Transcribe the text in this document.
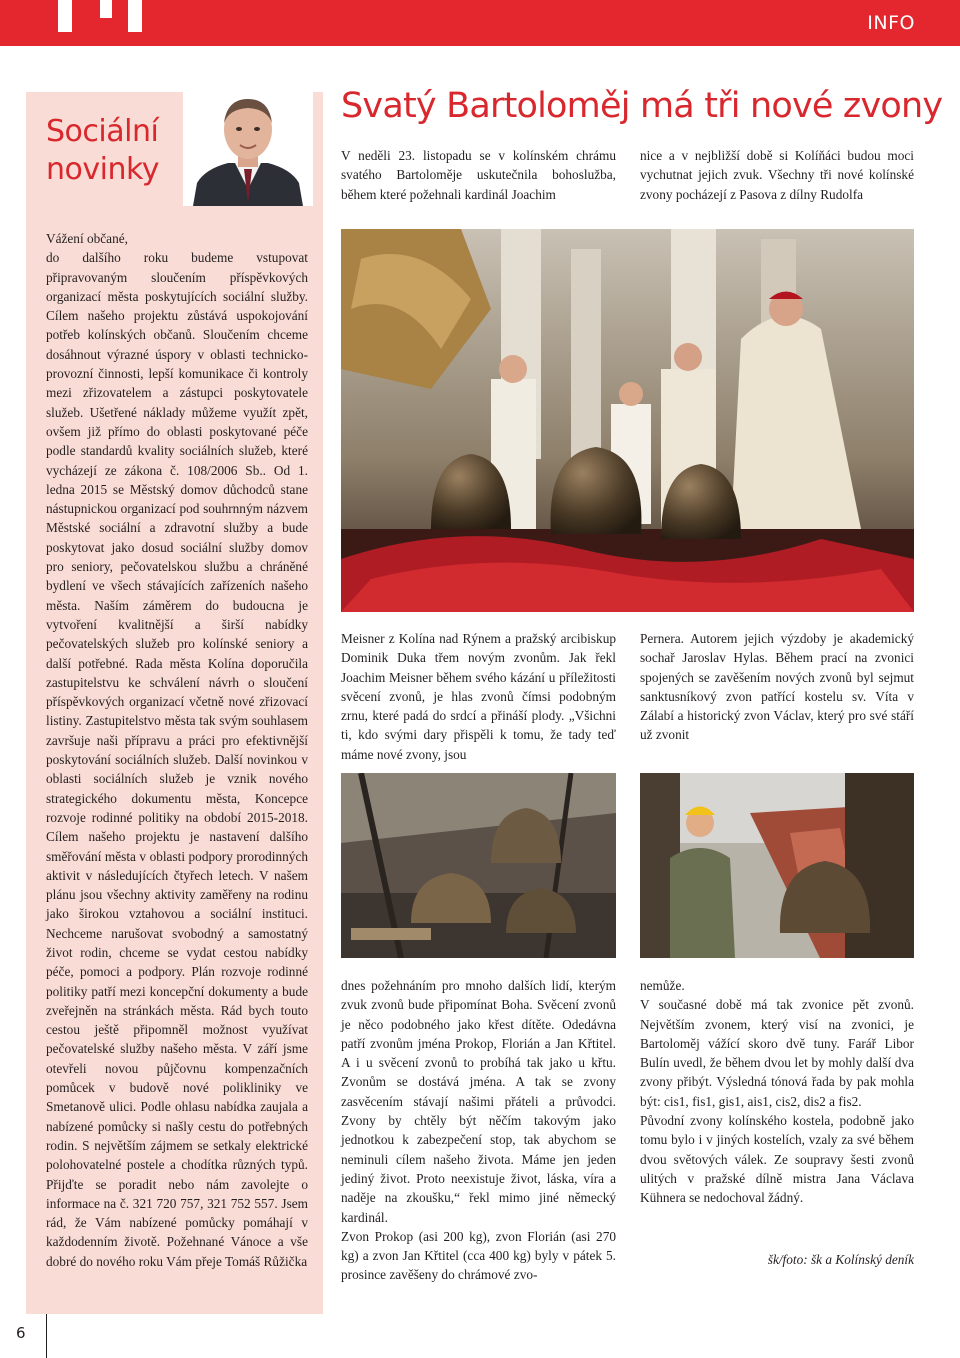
INFO
Sociální
novinky

Vážení občané,

do dalšího roku budeme vstupovat připravovaným sloučením příspěvkových organizací města poskytujících sociální služby. Cílem našeho projektu zůstává uspokojování potřeb kolínských občanů. Sloučením chceme dosáhnout výrazné úspory v oblasti technicko-provozní činnosti, lepší komunikace či kontroly mezi zřizovatelem a zástupci poskytovatele služeb. Ušetřené náklady můžeme využít zpět, ovšem již přímo do oblasti poskytované péče podle standardů kvality sociálních služeb, které vycházejí ze zákona č. 108/2006 Sb.. Od 1. ledna 2015 se Městský domov důchodců stane nástupnickou organizací pod souhrnným názvem Městské sociální a zdravotní služby a bude poskytovat jako dosud sociální služby domov pro seniory, pečovatelskou službu a chráněné bydlení ve všech stávajících zařízeních našeho města. Naším záměrem do budoucna je vytvoření kvalitnější a širší nabídky pečovatelských služeb pro kolínské seniory a další potřebné. Rada města Kolína doporučila zastupitelstvu ke schválení návrh o sloučení příspěvkových organizací včetně nové zřizovací listiny. Zastupitelstvo města tak svým souhlasem završuje naši přípravu a práci pro efektivnější poskytování sociálních služeb. Další novinkou v oblasti sociálních služeb je vznik nového strategického dokumentu města, Koncepce rozvoje rodinné politiky na období 2015-2018. Cílem našeho projektu je nastavení dalšího směřování města v oblasti podpory prorodinných aktivit v následujících čtyřech letech. V našem plánu jsou všechny aktivity zaměřeny na rodinu jako širokou vztahovou a sociální instituci. Nechceme narušovat svobodný a samostatný život rodin, chceme se vydat cestou nabídky péče, pomoci a podpory. Plán rozvoje rodinné politiky patří mezi koncepční dokumenty a bude zveřejněn na stránkách města. Rád bych touto cestou ještě připomněl možnost využívat pečovatelské služby našeho města. V září jsme otevřeli novou půjčovnu kompenzačních pomůcek v budově nové polikliniky ve Smetanově ulici. Podle ohlasu nabídka zaujala a nabízené pomůcky si našly cestu do potřebných rodin. S největším zájmem se setkaly elektrické polohovatelné postele a chodítka různých typů. Přijďte se poradit nebo nám zavolejte o informace na č. 321 720 757, 321 752 557. Jsem rád, že Vám nabízené pomůcky pomáhají v každodenním životě. Požehnané Vánoce a vše dobré do nového roku Vám přeje Tomáš Růžička

Svatý Bartoloměj má tři nové zvony

V neděli 23. listopadu se v kolínském chrámu svatého Bartoloměje uskutečnila bohoslužba, během které požehnali kardinál Joachim

nice a v nejbližší době si Kolíňáci budou moci vychutnat jejich zvuk. Všechny tři nové kolínské zvony pocházejí z Pasova z dílny Rudolfa

Meisner z Kolína nad Rýnem a pražský arcibiskup Dominik Duka třem novým zvonům. Jak řekl Joachim Meisner během svého kázání u příležitosti svěcení zvonů, je hlas zvonů čímsi podobným zrnu, které padá do srdcí a přináší plody. „Všichni ti, kdo svými dary přispěli k tomu, že tady teď máme nové zvony, jsou

Pernera. Autorem jejich výzdoby je akademický sochař Jaroslav Hylas. Během prací na zvonici spojených se zavěšením nových zvonů byl sejmut sanktusníkový zvon patřící kostelu sv. Víta v Zálabí a historický zvon Václav, který pro své stáří už zvonit

dnes požehnáním pro mnoho dalších lidí, kterým zvuk zvonů bude připomínat Boha. Svěcení zvonů je něco podobného jako křest dítěte. Odedávna patří zvonům jména Prokop, Florián a Jan Křtitel. A i u svěcení zvonů to probíhá tak jako u křtu. Zvonům se dostává jména. A tak se zvony zasvěcením stávají našimi přáteli a průvodci. Zvony by chtěly být něčím takovým jako jednotkou k zabezpečení stop, tak abychom se neminuli cílem našeho života. Máme jen jeden jediný život. Proto neexistuje život, láska, víra a naděje na zkoušku,“ řekl mimo jiné německý kardinál.

Zvon Prokop (asi 200 kg), zvon Florián (asi 270 kg) a zvon Jan Křtitel (cca 400 kg) byly v pátek 5. prosince zavěšeny do chrámové zvo-

nemůže.

V současné době má tak zvonice pět zvonů. Největším zvonem, který visí na zvonici, je Bartoloměj vážící skoro dvě tuny. Farář Libor Bulín uvedl, že během dvou let by mohly další dva zvony přibýt. Výsledná tónová řada by pak mohla být: cis1, fis1, gis1, ais1, cis2, dis2 a fis2.

Původní zvony kolínského kostela, podobně jako tomu bylo i v jiných kostelích, vzaly za své během dvou světových válek. Ze soupravy šesti zvonů ulitých v pražské dílně mistra Jana Václava Kühnera se nedochoval žádný.

šk/foto: šk a Kolínský deník
6
